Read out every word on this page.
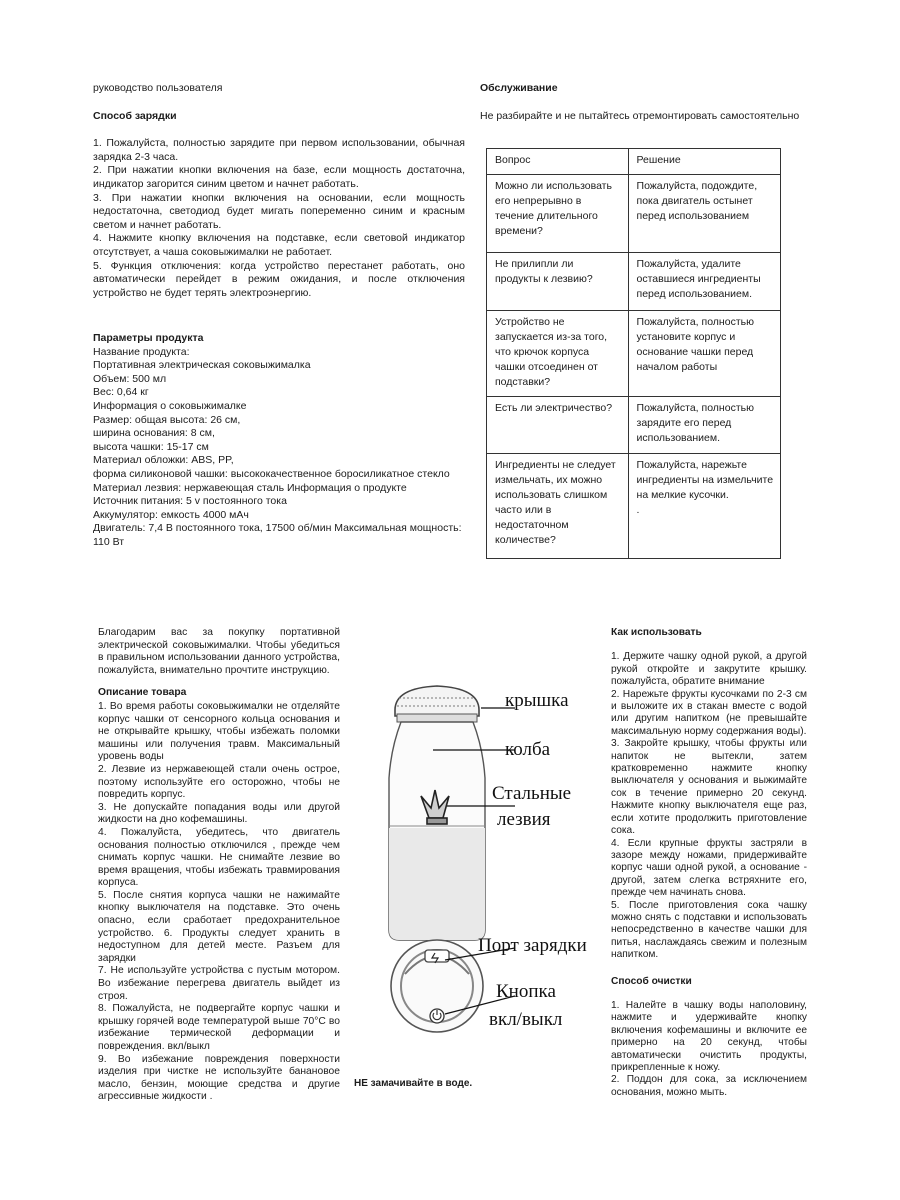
руководство пользователя

Способ зарядки

1. Пожалуйста, полностью зарядите при первом использовании, обычная зарядка 2-3 часа.
2. При нажатии кнопки включения на базе, если мощность достаточна, индикатор загорится синим цветом и начнет работать.
3. При нажатии кнопки включения на основании, если мощность недостаточна, светодиод будет мигать попеременно синим и красным светом и начнет работать.
4. Нажмите кнопку включения на подставке, если световой индикатор отсутствует, а чаша соковыжималки не работает.
5. Функция отключения: когда устройство перестанет работать, оно автоматически перейдет в режим ожидания, и после отключения устройство не будет терять электроэнергию.

Параметры продукта

Название продукта:

Портативная электрическая соковыжималка

Объем: 500 мл

Вес: 0,64 кг

Информация о соковыжималке

Размер: общая высота: 26 см,

ширина основания: 8 см,

высота чашки: 15-17 см

Материал обложки: ABS, PP,

форма силиконовой чашки: высококачественное боросиликатное стекло

Материал лезвия: нержавеющая сталь Информация о продукте

Источник питания: 5 v постоянного тока

Аккумулятор: емкость 4000 мАч

Двигатель: 7,4 В постоянного тока, 17500 об/мин Максимальная мощность: 110 Вт

Обслуживание

Не разбирайте и не пытайтесь отремонтировать самостоятельно

Вопрос	Решение
Можно ли использовать его непрерывно в течение длительного времени?	Пожалуйста, подождите, пока двигатель остынет перед использованием
Не прилипли ли продукты к лезвию?	Пожалуйста, удалите оставшиеся ингредиенты перед использованием.
Устройство не запускается из-за того, что крючок корпуса чашки отсоединен от подставки?	Пожалуйста, полностью установите корпус и основание чашки перед началом работы
Есть ли электричество?	Пожалуйста, полностью зарядите его перед использованием.
Ингредиенты не следует измельчать, их можно использовать слишком часто или в недостаточном количестве?	Пожалуйста, нарежьте ингредиенты на измельчите на мелкие кусочки.
.

Благодарим вас за покупку портативной электрической соковыжималки. Чтобы убедиться в правильном использовании данного устройства, пожалуйста, внимательно прочтите инструкцию.

Описание товара

1. Во время работы соковыжималки не отделяйте корпус чашки от сенсорного кольца основания и не открывайте крышку, чтобы избежать поломки машины или получения травм. Максимальный уровень воды

2. Лезвие из нержавеющей стали очень острое, поэтому используйте его осторожно, чтобы не повредить корпус.

3. Не допускайте попадания воды или другой жидкости на дно кофемашины.

4. Пожалуйста, убедитесь, что двигатель основания полностью отключился , прежде чем снимать корпус чашки. Не снимайте лезвие во время вращения, чтобы избежать травмирования корпуса.

5. После снятия корпуса чашки не нажимайте кнопку выключателя на подставке. Это очень опасно, если сработает предохранительное устройство. 6. Продукты следует хранить в недоступном для детей месте. Разъем для зарядки

7. Не используйте устройства с пустым мотором. Во избежание перегрева двигатель выйдет из строя.

8. Пожалуйста, не подвергайте корпус чашки и крышку горячей воде температурой выше 70°C во избежание термической деформации и повреждения. вкл/выкл

9. Во избежание повреждения поверхности изделия при чистке не используйте банановое масло, бензин, моющие средства и другие агрессивные жидкости .

крышка
колба
Стальные
лезвия
Порт зарядки
Кнопка
вкл/выкл

НЕ замачивайте в воде.

Как использовать

1. Держите чашку одной рукой, а другой рукой откройте и закрутите крышку. пожалуйста, обратите внимание

2. Нарежьте фрукты кусочками по 2-3 см и выложите их в стакан вместе с водой или другим напитком (не превышайте максимальную норму содержания воды).

3. Закройте крышку, чтобы фрукты или напиток не вытекли, затем кратковременно нажмите кнопку выключателя у основания и выжимайте сок в течение примерно 20 секунд. Нажмите кнопку выключателя еще раз, если хотите продолжить приготовление сока.

4. Если крупные фрукты застряли в зазоре между ножами, придерживайте корпус чаши одной рукой, а основание - другой, затем слегка встряхните его, прежде чем начинать снова.

5. После приготовления сока чашку можно снять с подставки и использовать непосредственно в качестве чашки для питья, наслаждаясь свежим и полезным напитком.

Способ очистки

1. Налейте в чашку воды наполовину, нажмите и удерживайте кнопку включения кофемашины и включите ее примерно на 20 секунд, чтобы автоматически очистить продукты, прикрепленные к ножу.

2. Поддон для сока, за исключением основания, можно мыть.
